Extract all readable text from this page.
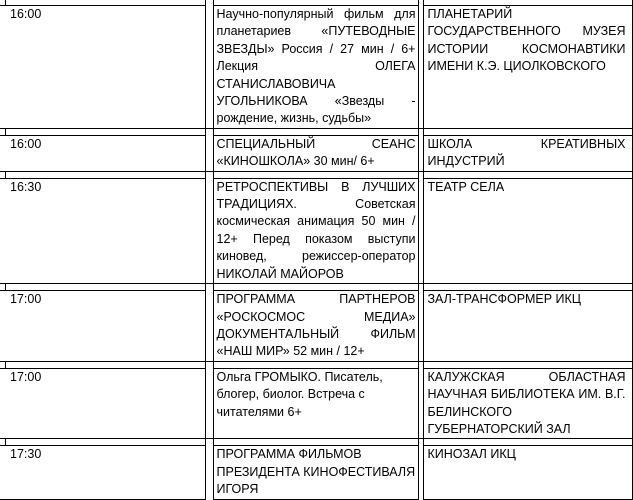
	16:00		Научно-популярный фильм для планетариев «ПУТЕВОДНЫЕ ЗВЕЗДЫ» Россия / 27 мин / 6+ Лекция ОЛЕГА СТАНИСЛАВОВИЧА УГОЛЬНИКОВА «Звезды - рождение, жизнь, судьбы»		ПЛАНЕТАРИЙ ГОСУДАРСТВЕННОГО МУЗЕЯ ИСТОРИИ КОСМОНАВТИКИ ИМЕНИ К.Э. ЦИОЛКОВСКОГО

	16:00		СПЕЦИАЛЬНЫЙ СЕАНС «КИНОШКОЛА» 30 мин/ 6+		ШКОЛА КРЕАТИВНЫХ ИНДУСТРИЙ

	16:30		РЕТРОСПЕКТИВЫ В ЛУЧШИХ ТРАДИЦИЯХ. Советская космическая анимация 50 мин / 12+ Перед показом выступи киновед, режиссер-оператор НИКОЛАЙ МАЙОРОВ		ТЕАТР СЕЛА

	17:00		ПРОГРАММА ПАРТНЕРОВ «РОСКОСМОС МЕДИА» ДОКУМЕНТАЛЬНЫЙ ФИЛЬМ «НАШ МИР» 52 мин / 12+		ЗАЛ-ТРАНСФОРМЕР ИКЦ

	17:00		Ольга ГРОМЫКО. Писатель, блогер, биолог. Встреча с читателями 6+		КАЛУЖСКАЯ ОБЛАСТНАЯ НАУЧНАЯ БИБЛИОТЕКА ИМ. В.Г. БЕЛИНСКОГО ГУБЕРНАТОРСКИЙ ЗАЛ

	17:30		ПРОГРАММА ФИЛЬМОВ ПРЕЗИДЕНТА КИНОФЕСТИВАЛЯ ИГОРЯ		КИНОЗАЛ ИКЦ
